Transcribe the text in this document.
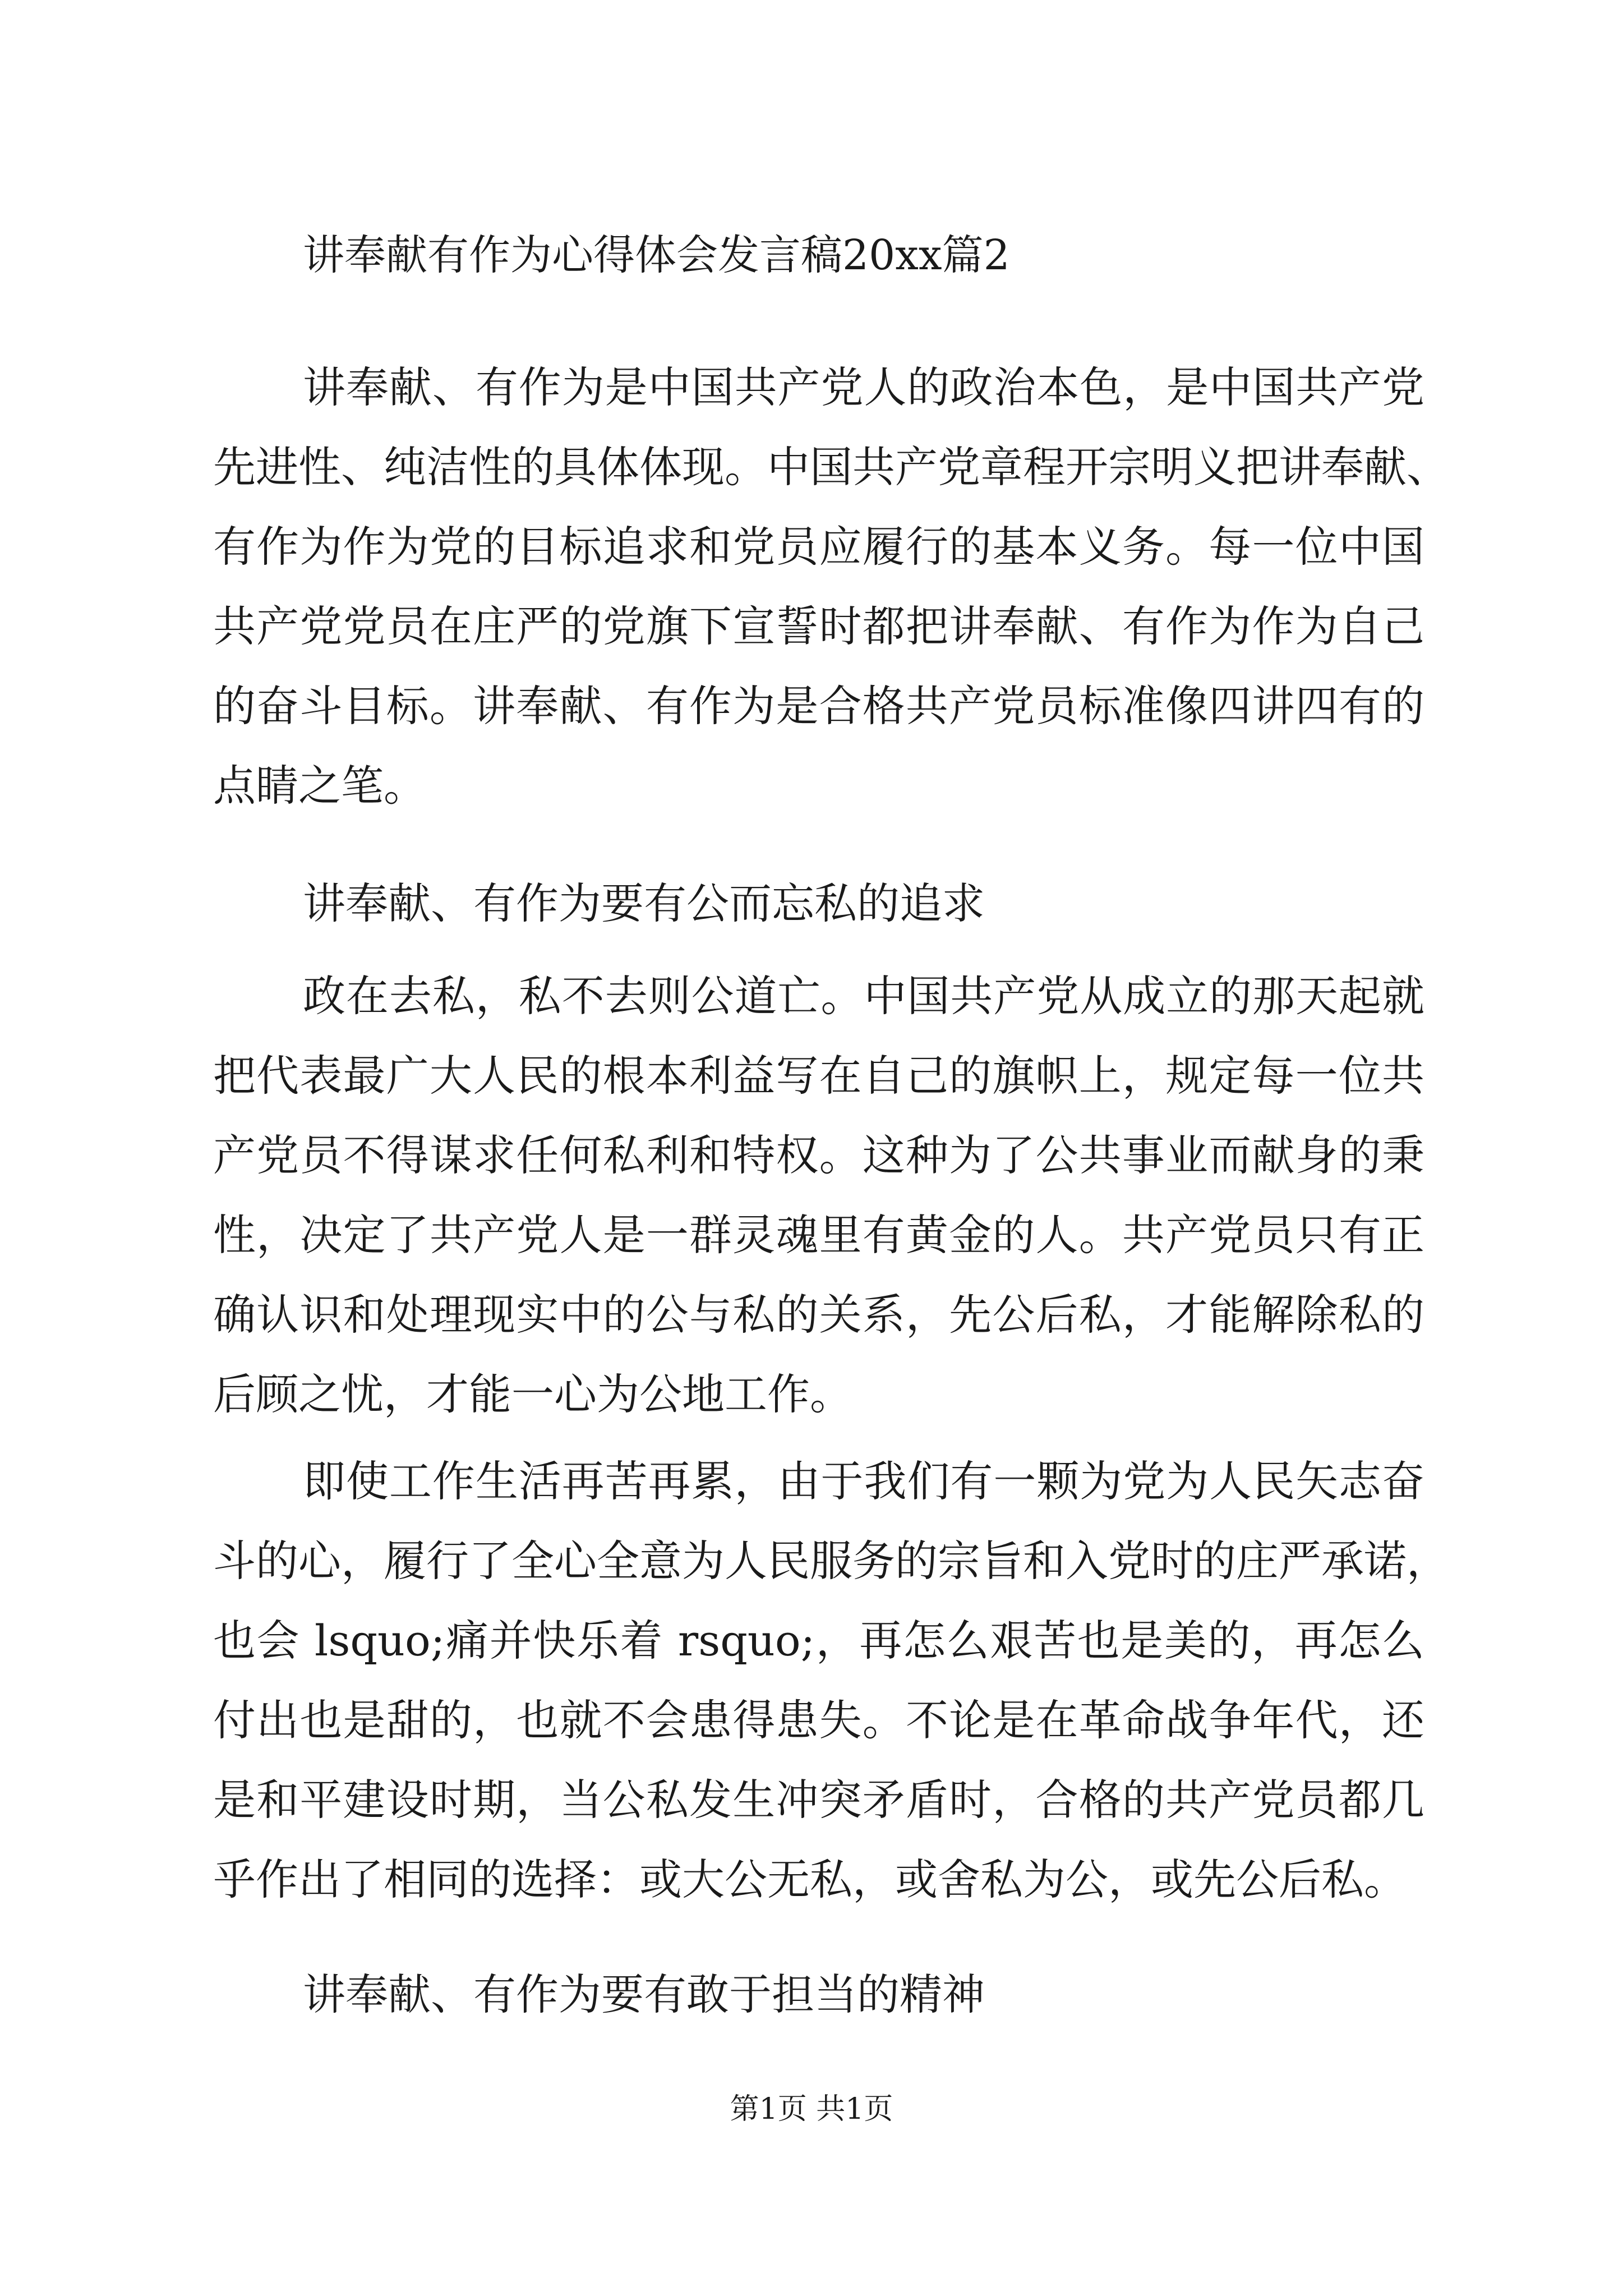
讲奉献有作为心得体会发言稿20xx篇2
讲奉献、有作为是中国共产党人的政治本色，是中国共产党
先进性、纯洁性的具体体现。中国共产党章程开宗明义把讲奉献、
有作为作为党的目标追求和党员应履行的基本义务。每一位中国
共产党党员在庄严的党旗下宣誓时都把讲奉献、有作为作为自己
的奋斗目标。讲奉献、有作为是合格共产党员标准像四讲四有的
点睛之笔。
讲奉献、有作为要有公而忘私的追求
政在去私，私不去则公道亡。中国共产党从成立的那天起就
把代表最广大人民的根本利益写在自己的旗帜上，规定每一位共
产党员不得谋求任何私利和特权。这种为了公共事业而献身的秉
性，决定了共产党人是一群灵魂里有黄金的人。共产党员只有正
确认识和处理现实中的公与私的关系，先公后私，才能解除私的
后顾之忧，才能一心为公地工作。
即使工作生活再苦再累，由于我们有一颗为党为人民矢志奋
斗的心，履行了全心全意为人民服务的宗旨和入党时的庄严承诺，
也会 lsquo;痛并快乐着 rsquo;，再怎么艰苦也是美的，再怎么
付出也是甜的，也就不会患得患失。不论是在革命战争年代，还
是和平建设时期，当公私发生冲突矛盾时，合格的共产党员都几
乎作出了相同的选择：或大公无私，或舍私为公，或先公后私。
讲奉献、有作为要有敢于担当的精神
第1页 共1页
